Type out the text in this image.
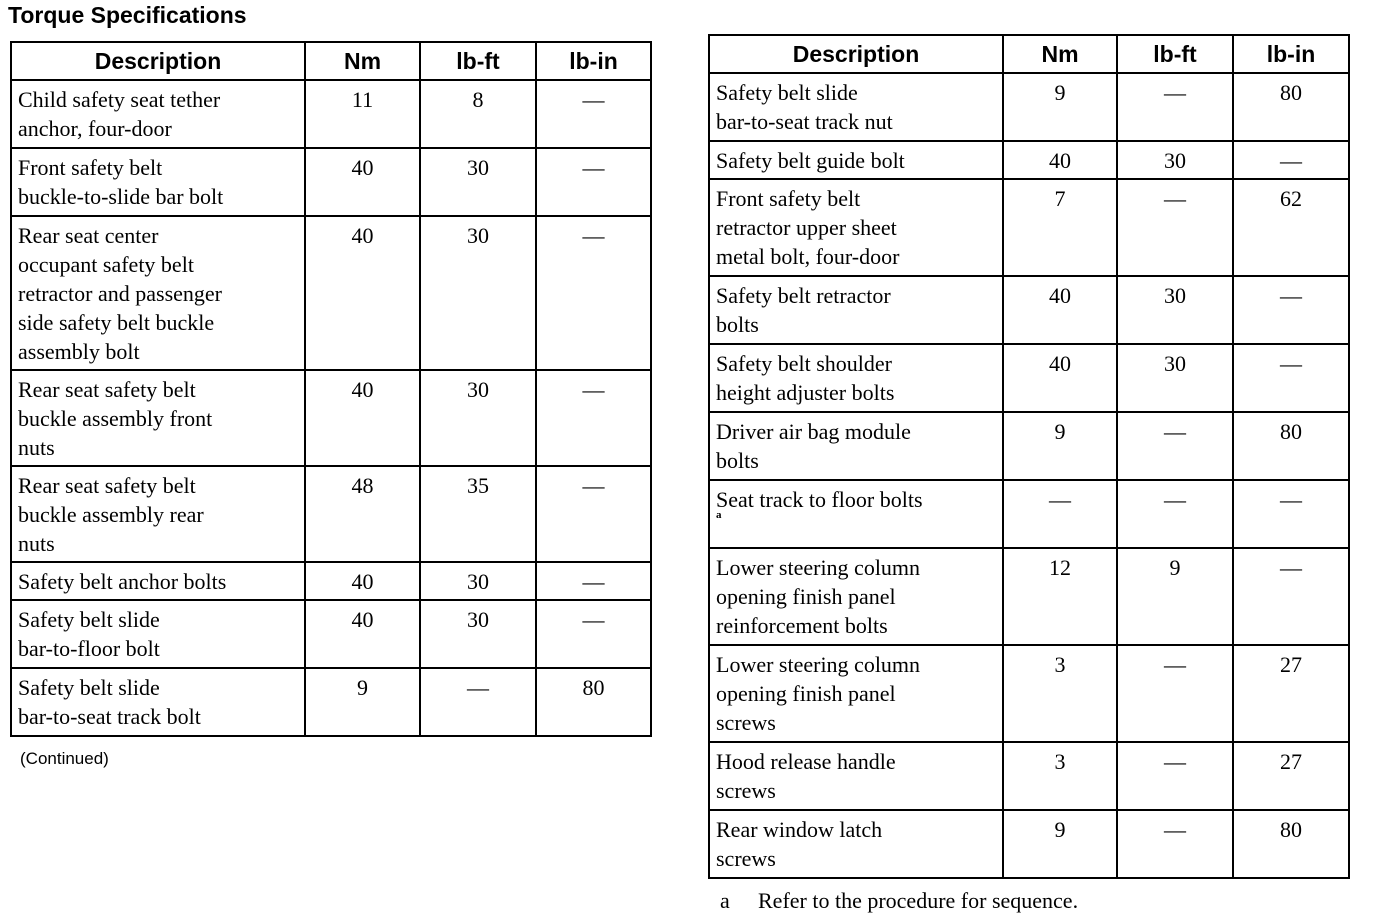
Torque Specifications
Description	Nm	lb-ft	lb-in
Child safety seat tether
anchor, four-door	11	8	—
Front safety belt
buckle-to-slide bar bolt	40	30	—
Rear seat center
occupant safety belt
retractor and passenger
side safety belt buckle
assembly bolt	40	30	—
Rear seat safety belt
buckle assembly front
nuts	40	30	—
Rear seat safety belt
buckle assembly rear
nuts	48	35	—
Safety belt anchor bolts	40	30	—
Safety belt slide
bar-to-floor bolt	40	30	—
Safety belt slide
bar-to-seat track bolt	9	—	80
(Continued)
Description	Nm	lb-ft	lb-in
Safety belt slide
bar-to-seat track nut	9	—	80
Safety belt guide bolt	40	30	—
Front safety belt
retractor upper sheet
metal bolt, four-door	7	—	62
Safety belt retractor
bolts	40	30	—
Safety belt shoulder
height adjuster bolts	40	30	—
Driver air bag module
bolts	9	—	80
Seat track to floor bolts
a	—	—	—
Lower steering column
opening finish panel
reinforcement bolts	12	9	—
Lower steering column
opening finish panel
screws	3	—	27
Hood release handle
screws	3	—	27
Rear window latch
screws	9	—	80
a Refer to the procedure for sequence.
